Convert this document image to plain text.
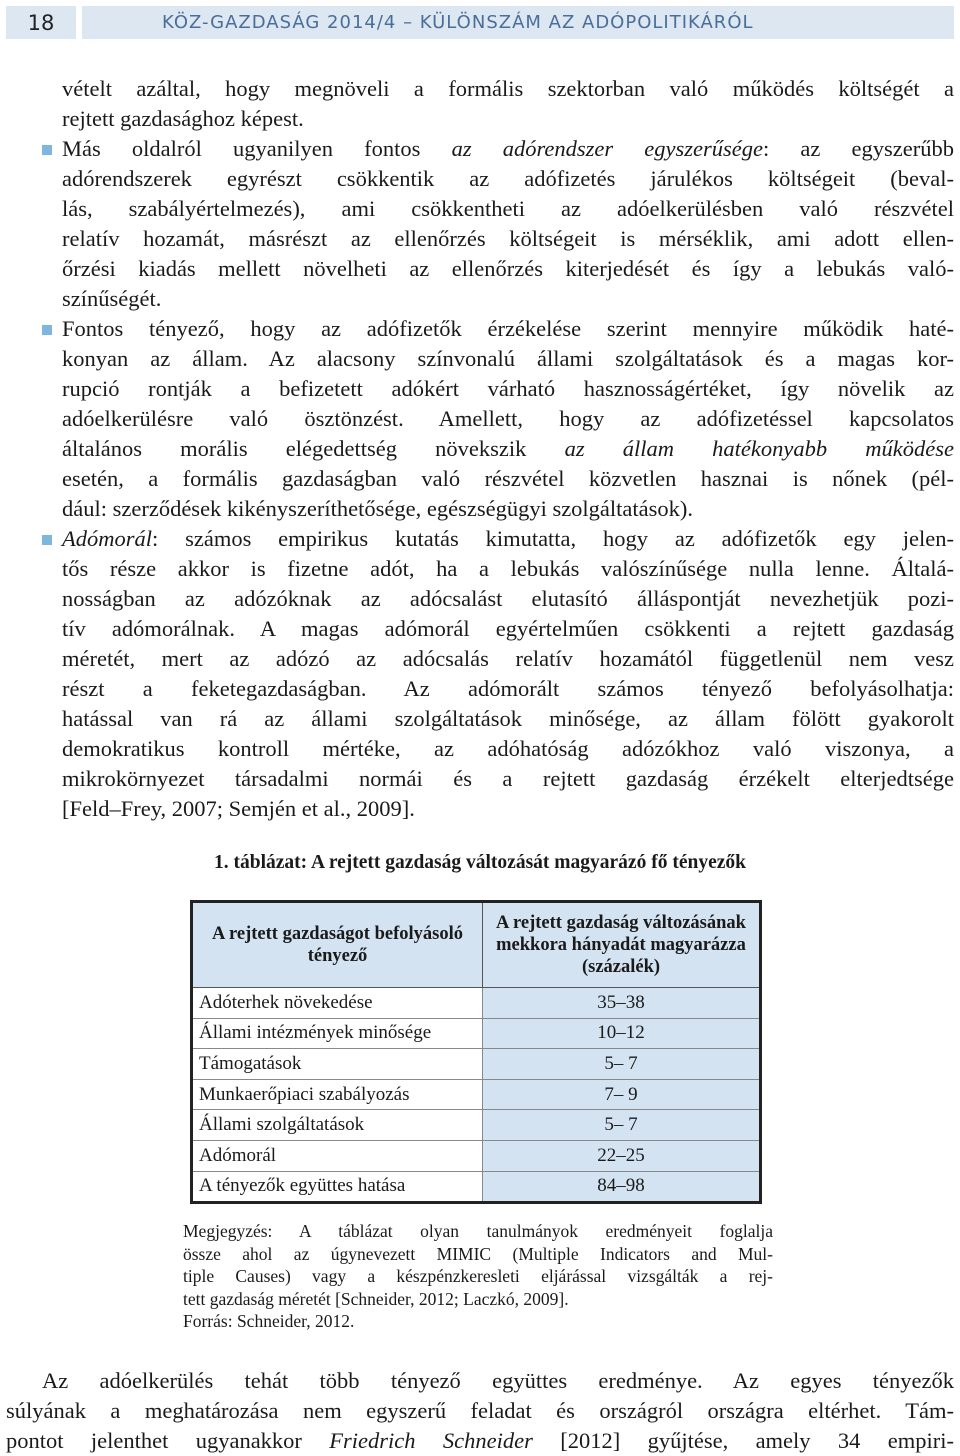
18	KÖZ-GAZDASÁG 2014/4 – KÜLÖNSZÁM AZ ADÓPOLITIKÁRÓL
vételt azáltal, hogy megnöveli a formális szektorban való működés költségét a
rejtett gazdasághoz képest.
Más oldalról ugyanilyen fontos az adórendszer egyszerűsége: az egyszerűbb
adórendszerek egyrészt csökkentik az adófizetés járulékos költségeit (beval-
lás, szabályértelmezés), ami csökkentheti az adóelkerülésben való részvétel
relatív hozamát, másrészt az ellenőrzés költségeit is mérséklik, ami adott ellen-
őrzési kiadás mellett növelheti az ellenőrzés kiterjedését és így a lebukás való-
színűségét.
Fontos tényező, hogy az adófizetők érzékelése szerint mennyire működik haté-
konyan az állam. Az alacsony színvonalú állami szolgáltatások és a magas kor-
rupció rontják a befizetett adókért várható hasznosságértéket, így növelik az
adóelkerülésre való ösztönzést. Amellett, hogy az adófizetéssel kapcsolatos
általános morális elégedettség növekszik az állam hatékonyabb működése
esetén, a formális gazdaságban való részvétel közvetlen hasznai is nőnek (pél-
dául: szerződések kikényszeríthetősége, egészségügyi szolgáltatások).
Adómorál: számos empirikus kutatás kimutatta, hogy az adófizetők egy jelen-
tős része akkor is fizetne adót, ha a lebukás valószínűsége nulla lenne. Általá-
nosságban az adózóknak az adócsalást elutasító álláspontját nevezhetjük pozi-
tív adómorálnak. A magas adómorál egyértelműen csökkenti a rejtett gazdaság
méretét, mert az adózó az adócsalás relatív hozamától függetlenül nem vesz
részt a feketegazdaságban. Az adómorált számos tényező befolyásolhatja:
hatással van rá az állami szolgáltatások minősége, az állam fölött gyakorolt
demokratikus kontroll mértéke, az adóhatóság adózókhoz való viszonya, a
mikrokörnyezet társadalmi normái és a rejtett gazdaság érzékelt elterjedtsége
[Feld–Frey, 2007; Semjén et al., 2009].
1. táblázat: A rejtett gazdaság változását magyarázó fő tényezők
A rejtett gazdaságot befolyásoló tényező	A rejtett gazdaság változásának mekkora hányadát magyarázza (százalék)
Adóterhek növekedése	35–38
Állami intézmények minősége	10–12
Támogatások	5– 7
Munkaerőpiaci szabályozás	7– 9
Állami szolgáltatások	5– 7
Adómorál	22–25
A tényezők együttes hatása	84–98
Megjegyzés: A táblázat olyan tanulmányok eredményeit foglalja
össze ahol az úgynevezett MIMIC (Multiple Indicators and Mul-
tiple Causes) vagy a készpénzkeresleti eljárással vizsgálták a rej-
tett gazdaság méretét [Schneider, 2012; Laczkó, 2009].
Forrás: Schneider, 2012.
Az adóelkerülés tehát több tényező együttes eredménye. Az egyes tényezők
súlyának a meghatározása nem egyszerű feladat és országról országra eltérhet. Tám-
pontot jelenthet ugyanakkor Friedrich Schneider [2012] gyűjtése, amely 34 empiri-
